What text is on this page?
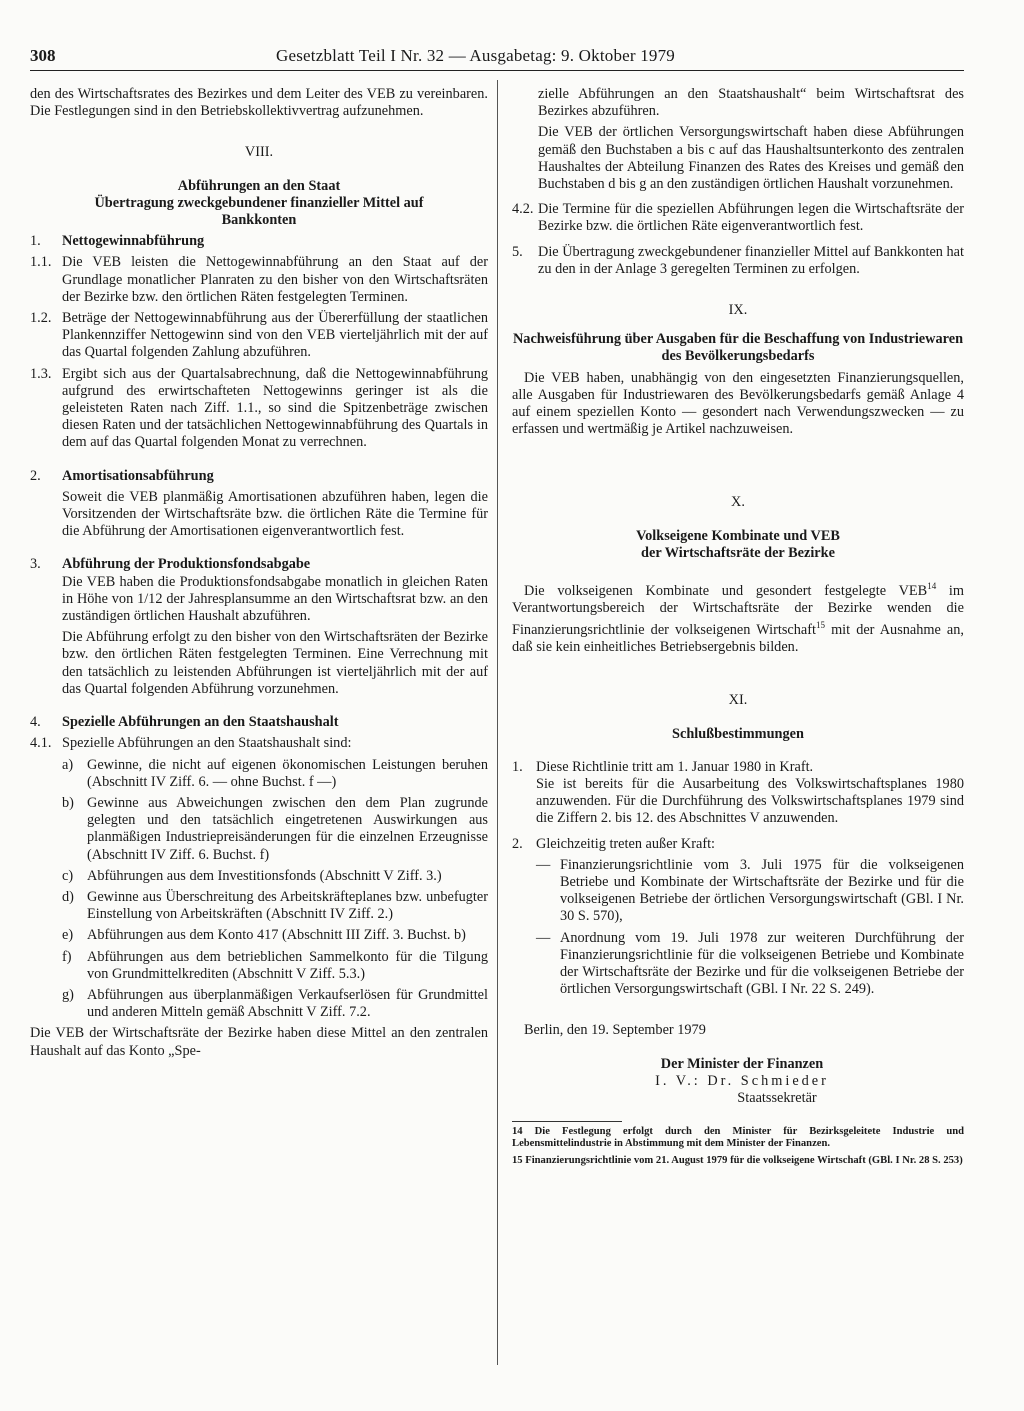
308	Gesetzblatt Teil I Nr. 32 — Ausgabetag: 9. Oktober 1979

den des Wirtschaftsrates des Bezirkes und dem Leiter des VEB zu vereinbaren. Die Festlegungen sind in den Betriebskollektivvertrag aufzunehmen.

VIII.

Abführungen an den Staat

Übertragung zweckgebundener finanzieller Mittel auf Bankkonten

1.	Nettogewinnabführung
1.1. Die VEB leisten die Nettogewinnabführung an den Staat auf der Grundlage monatlicher Planraten zu den bisher von den Wirtschaftsräten der Bezirke bzw. den örtlichen Räten festgelegten Terminen.
1.2. Beträge der Nettogewinnabführung aus der Übererfüllung der staatlichen Plankennziffer Nettogewinn sind von den VEB vierteljährlich mit der auf das Quartal folgenden Zahlung abzuführen.
1.3. Ergibt sich aus der Quartalsabrechnung, daß die Nettogewinnabführung aufgrund des erwirtschafteten Nettogewinns geringer ist als die geleisteten Raten nach Ziff. 1.1., so sind die Spitzenbeträge zwischen diesen Raten und der tatsächlichen Nettogewinnabführung des Quartals in dem auf das Quartal folgenden Monat zu verrechnen.
2.	Amortisationsabführung

Soweit die VEB planmäßig Amortisationen abzuführen haben, legen die Vorsitzenden der Wirtschaftsräte bzw. die örtlichen Räte die Termine für die Abführung der Amortisationen eigenverantwortlich fest.

3.	Abführung der Produktionsfondsabgabe

Die VEB haben die Produktionsfondsabgabe monatlich in gleichen Raten in Höhe von 1/12 der Jahresplansumme an den Wirtschaftsrat bzw. an den zuständigen örtlichen Haushalt abzuführen.

Die Abführung erfolgt zu den bisher von den Wirtschaftsräten der Bezirke bzw. den örtlichen Räten festgelegten Terminen. Eine Verrechnung mit den tatsächlich zu leistenden Abführungen ist vierteljährlich mit der auf das Quartal folgenden Abführung vorzunehmen.

4.	Spezielle Abführungen an den Staatshaushalt
4.1. Spezielle Abführungen an den Staatshaushalt sind:
a) Gewinne, die nicht auf eigenen ökonomischen Leistungen beruhen (Abschnitt IV Ziff. 6. — ohne Buchst. f —)
b) Gewinne aus Abweichungen zwischen den dem Plan zugrunde gelegten und den tatsächlich eingetretenen Auswirkungen aus planmäßigen Industriepreisänderungen für die einzelnen Erzeugnisse (Abschnitt IV Ziff. 6. Buchst. f)
c) Abführungen aus dem Investitionsfonds (Abschnitt V Ziff. 3.)
d) Gewinne aus Überschreitung des Arbeitskräfteplanes bzw. unbefugter Einstellung von Arbeitskräften (Abschnitt IV Ziff. 2.)
e) Abführungen aus dem Konto 417 (Abschnitt III Ziff. 3. Buchst. b)
f)	Abführungen aus dem betrieblichen Sammelkonto für die Tilgung von Grundmittelkrediten (Abschnitt V Ziff. 5.3.)
g) Abführungen aus überplanmäßigen Verkaufserlösen für Grundmittel und anderen Mitteln gemäß Abschnitt V Ziff. 7.2.

Die VEB der Wirtschaftsräte der Bezirke haben diese Mittel an den zentralen Haushalt auf das Konto „Spe-

zielle Abführungen an den Staatshaushalt“ beim Wirtschaftsrat des Bezirkes abzuführen.

Die VEB der örtlichen Versorgungswirtschaft haben diese Abführungen gemäß den Buchstaben a bis c auf das Haushaltsunterkonto des zentralen Haushaltes der Abteilung Finanzen des Rates des Kreises und gemäß den Buchstaben d bis g an den zuständigen örtlichen Haushalt vorzunehmen.

4.2. Die Termine für die speziellen Abführungen legen die Wirtschaftsräte der Bezirke bzw. die örtlichen Räte eigenverantwortlich fest.
5.	Die Übertragung zweckgebundener finanzieller Mittel auf Bankkonten hat zu den in der Anlage 3 geregelten Terminen zu erfolgen.

IX.

Nachweisführung über Ausgaben für die Beschaffung von Industriewaren des Bevölkerungsbedarfs

Die VEB haben, unabhängig von den eingesetzten Finanzierungsquellen, alle Ausgaben für Industriewaren des Bevölkerungsbedarfs gemäß Anlage 4 auf einem speziellen Konto — gesondert nach Verwendungszwecken — zu erfassen und wertmäßig je Artikel nachzuweisen.

X.

Volkseigene Kombinate und VEB

der Wirtschaftsräte der Bezirke

Die volkseigenen Kombinate und gesondert festgelegte VEB$^{14}$ im Verantwortungsbereich der Wirtschaftsräte der Bezirke wenden die Finanzierungsrichtlinie der volkseigenen Wirtschaft$^{15}$ mit der Ausnahme an, daß sie kein einheitliches Betriebsergebnis bilden.

XI.

Schlußbestimmungen

1. Diese Richtlinie tritt am 1. Januar 1980 in Kraft.

Sie ist bereits für die Ausarbeitung des Volkswirtschaftsplanes 1980 anzuwenden. Für die Durchführung des Volkswirtschaftsplanes 1979 sind die Ziffern 2. bis 12. des Abschnittes V anzuwenden.

2. Gleichzeitig treten außer Kraft:
— Finanzierungsrichtlinie vom 3. Juli 1975 für die volkseigenen Betriebe und Kombinate der Wirtschaftsräte der Bezirke und für die volkseigenen Betriebe der örtlichen Versorgungswirtschaft (GBl. I Nr. 30 S. 570),
— Anordnung vom 19. Juli 1978 zur weiteren Durchführung der Finanzierungsrichtlinie für die volkseigenen Betriebe und Kombinate der Wirtschaftsräte der Bezirke und für die volkseigenen Betriebe der örtlichen Versorgungswirtschaft (GBl. I Nr. 22 S. 249).

Berlin, den 19. September 1979

Der Minister der Finanzen

I. V.: Dr. Schmieder

Staatssekretär

14 Die Festlegung erfolgt durch den Minister für Bezirksgeleitete Industrie und Lebensmittelindustrie in Abstimmung mit dem Minister der Finanzen.

15 Finanzierungsrichtlinie vom 21. August 1979 für die volkseigene Wirtschaft (GBl. I Nr. 28 S. 253)
